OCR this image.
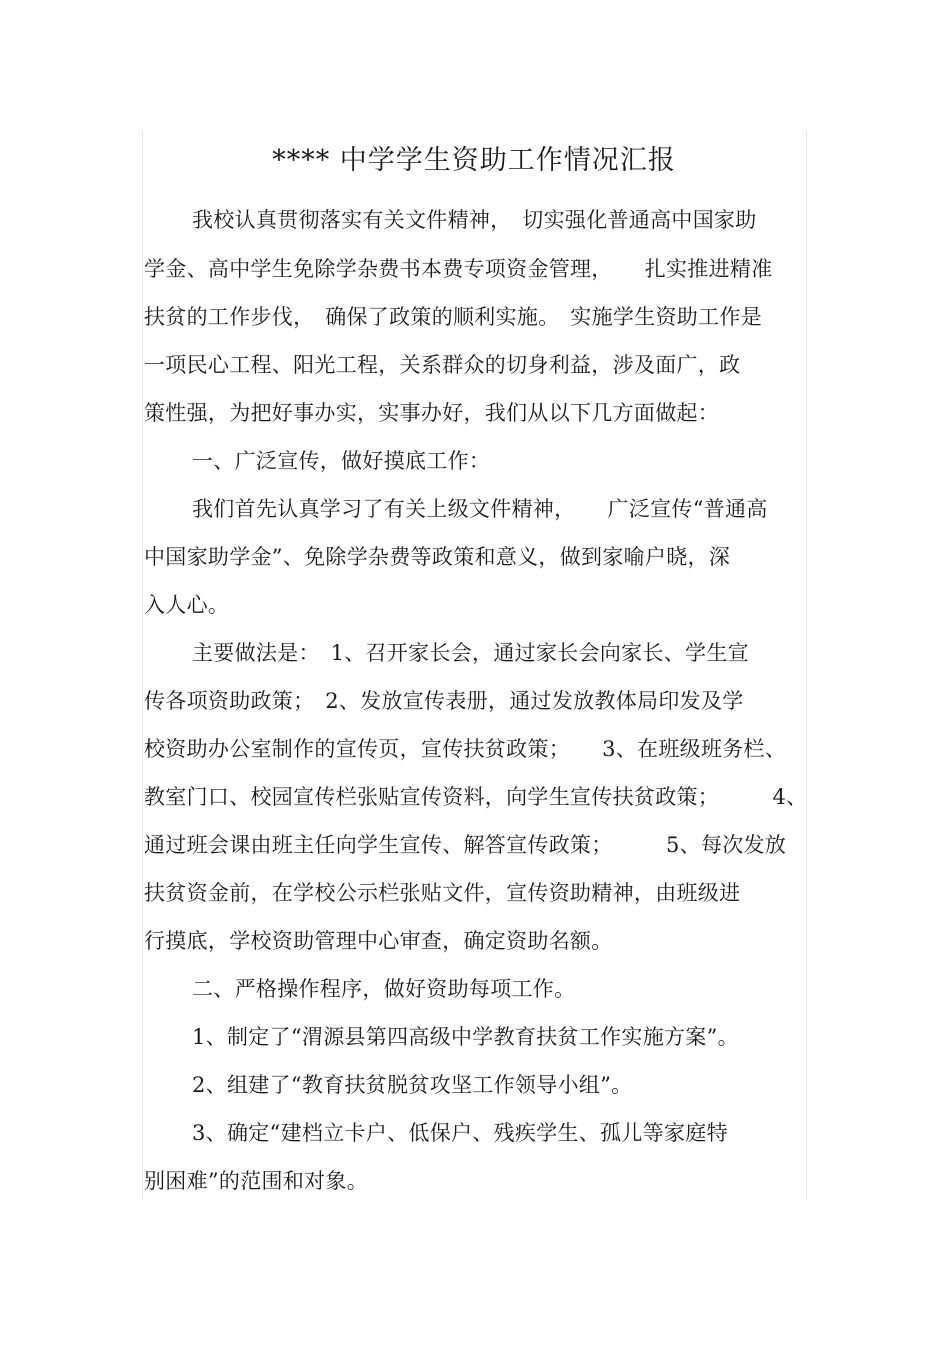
**** 中学学生资助工作情况汇报
我校认真贯彻落实有关文件精神，　切实强化普通高中国家助
学金、高中学生免除学杂费书本费专项资金管理，　　扎实推进精准
扶贫的工作步伐，　确保了政策的顺利实施。　实施学生资助工作是
一项民心工程、阳光工程，关系群众的切身利益，涉及面广，政
策性强，为把好事办实，实事办好，我们从以下几方面做起：
一、广泛宣传，做好摸底工作：
我们首先认真学习了有关上级文件精神，　　广泛宣传“普通高
中国家助学金”、免除学杂费等政策和意义，做到家喻户晓，深
入人心。
主要做法是：　1、召开家长会，通过家长会向家长、学生宣
传各项资助政策；　2、发放宣传表册，通过发放教体局印发及学
校资助办公室制作的宣传页，宣传扶贫政策；　　3、在班级班务栏、
教室门口、校园宣传栏张贴宣传资料，向学生宣传扶贫政策；　　　4、
通过班会课由班主任向学生宣传、解答宣传政策；　　　5、每次发放
扶贫资金前，在学校公示栏张贴文件，宣传资助精神，由班级进
行摸底，学校资助管理中心审查，确定资助名额。
二、严格操作程序，做好资助每项工作。
1、制定了“渭源县第四高级中学教育扶贫工作实施方案”。
2、组建了“教育扶贫脱贫攻坚工作领导小组”。
3、确定“建档立卡户、低保户、残疾学生、孤儿等家庭特
别困难”的范围和对象。
